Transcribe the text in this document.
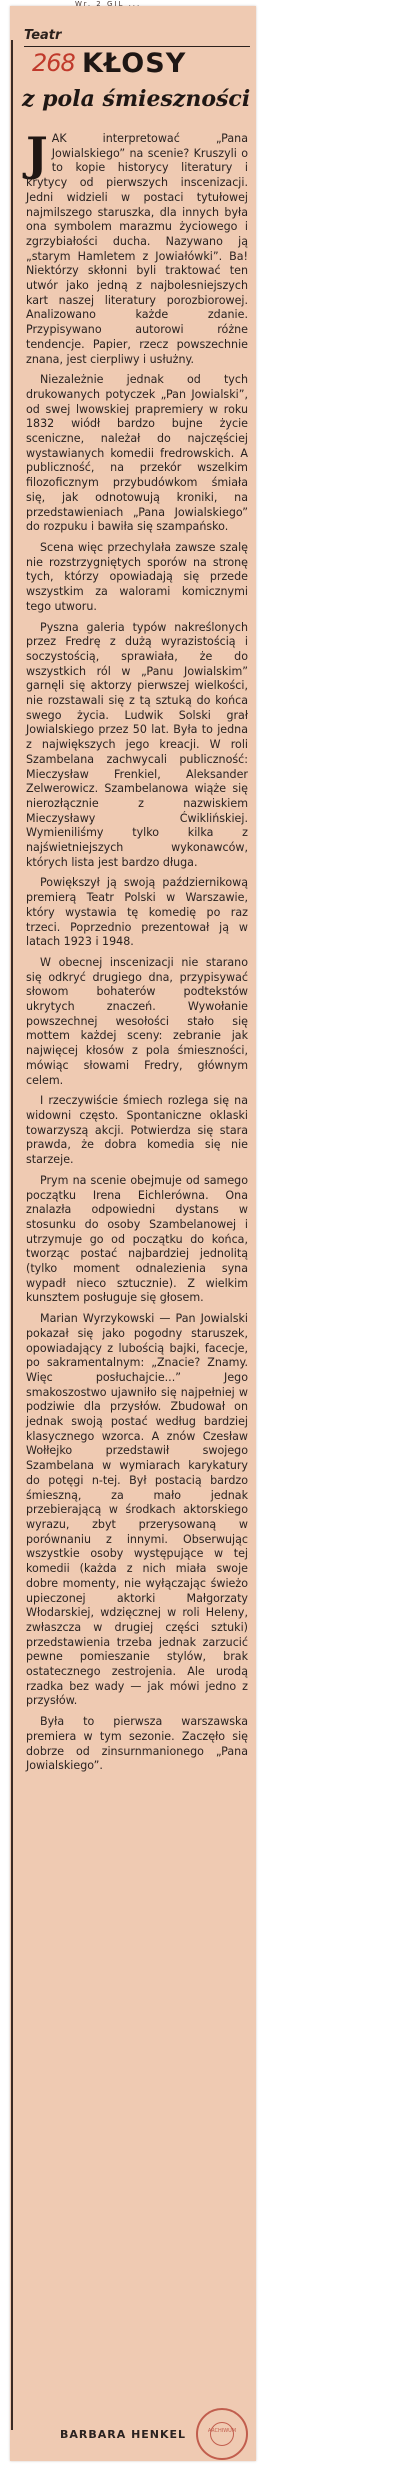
Wr. 2 GIL ...
Teatr
268 KŁOSY
z pola śmieszności

JAK interpretować „Pana Jowialskiego” na scenie? Kruszyli o to kopie historycy literatury i krytycy od pierwszych inscenizacji. Jedni widzieli w postaci tytułowej najmilszego staruszka, dla innych była ona symbolem marazmu życiowego i zgrzybiałości ducha. Nazywano ją „starym Hamletem z Jowiałówki”. Ba! Niektórzy skłonni byli traktować ten utwór jako jedną z najbolesniejszych kart naszej literatury porozbiorowej. Analizowano każde zdanie. Przypisywano autorowi różne tendencje. Papier, rzecz powszechnie znana, jest cierpliwy i usłużny.

Niezależnie jednak od tych drukowanych potyczek „Pan Jowialski”, od swej lwowskiej prapremiery w roku 1832 wiódł bardzo bujne życie sceniczne, należał do najczęściej wystawianych komedii fredrowskich. A publiczność, na przekór wszelkim filozoficznym przybudówkom śmiała się, jak odnotowują kroniki, na przedstawieniach „Pana Jowialskiego” do rozpuku i bawiła się szampańsko.

Scena więc przechylała zawsze szalę nie rozstrzygniętych sporów na stronę tych, którzy opowiadają się przede wszystkim za walorami komicznymi tego utworu.

Pyszna galeria typów nakreślonych przez Fredrę z dużą wyrazistością i soczystością, sprawiała, że do wszystkich ról w „Panu Jowialskim” garnęli się aktorzy pierwszej wielkości, nie rozstawali się z tą sztuką do końca swego życia. Ludwik Solski grał Jowialskiego przez 50 lat. Była to jedna z największych jego kreacji. W roli Szambelana zachwycali publiczność: Mieczysław Frenkiel, Aleksander Zelwerowicz. Szambelanowa wiąże się nierozłącznie z nazwiskiem Mieczysławy Ćwiklińskiej. Wymieniliśmy tylko kilka z najświetniejszych wykonawców, których lista jest bardzo długa.

Powiększył ją swoją październikową premierą Teatr Polski w Warszawie, który wystawia tę komedię po raz trzeci. Poprzednio prezentował ją w latach 1923 i 1948.

W obecnej inscenizacji nie starano się odkryć drugiego dna, przypisywać słowom bohaterów podtekstów ukrytych znaczeń. Wywołanie powszechnej wesołości stało się mottem każdej sceny: zebranie jak najwięcej kłosów z pola śmieszności, mówiąc słowami Fredry, głównym celem.

I rzeczywiście śmiech rozlega się na widowni często. Spontaniczne oklaski towarzyszą akcji. Potwierdza się stara prawda, że dobra komedia się nie starzeje.

Prym na scenie obejmuje od samego początku Irena Eichlerówna. Ona znalazła odpowiedni dystans w stosunku do osoby Szambelanowej i utrzymuje go od początku do końca, tworząc postać najbardziej jednolitą (tylko moment odnalezienia syna wypadł nieco sztucznie). Z wielkim kunsztem posługuje się głosem.

Marian Wyrzykowski — Pan Jowialski pokazał się jako pogodny staruszek, opowiadający z lubością bajki, facecje, po sakramentalnym: „Znacie? Znamy. Więc posłuchajcie...” Jego smakoszostwo ujawniło się najpełniej w podziwie dla przysłów. Zbudował on jednak swoją postać według bardziej klasycznego wzorca. A znów Czesław Wołłejko przedstawił swojego Szambelana w wymiarach karykatury do potęgi n-tej. Był postacią bardzo śmieszną, za mało jednak przebierającą w środkach aktorskiego wyrazu, zbyt przerysowaną w porównaniu z innymi. Obserwując wszystkie osoby występujące w tej komedii (każda z nich miała swoje dobre momenty, nie wyłączając świeżo upieczonej aktorki Małgorzaty Włodarskiej, wdzięcznej w roli Heleny, zwłaszcza w drugiej części sztuki) przedstawienia trzeba jednak zarzucić pewne pomieszanie stylów, brak ostatecznego zestrojenia. Ale urodą rzadka bez wady — jak mówi jedno z przysłów.

Była to pierwsza warszawska premiera w tym sezonie. Zaczęło się dobrze od zinsurnmanionego „Pana Jowialskiego”.

BARBARA HENKEL	ARCHIWUM
